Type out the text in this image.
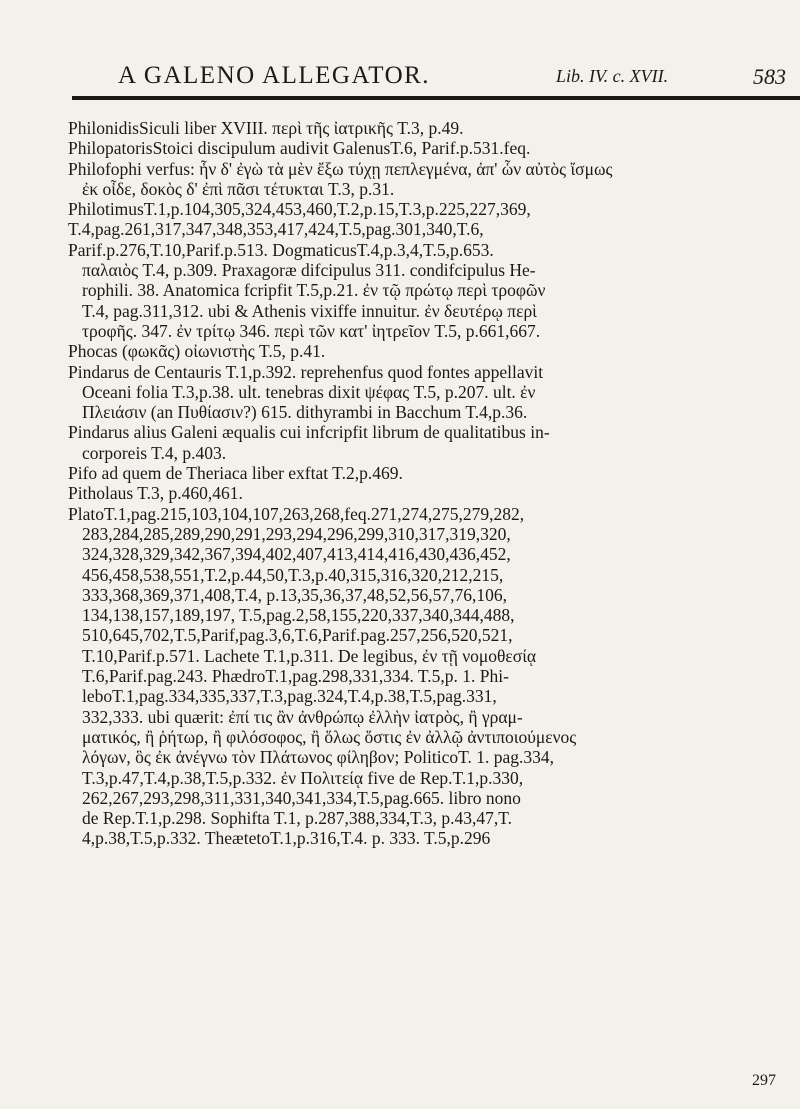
A GALENO ALLEGATOR.	Lib. IV. c. XVII.	583
PhilonidisSiculi liber XVIII. περὶ τῆς ἰατρικῆς T.3, p.49.
PhilopatorisStoici discipulum audivit GalenusT.6, Parif.p.531.feq.
Philofophi verfus: ἦν δ' ἐγὼ τὰ μὲν ἔξω τύχῃ πεπλεγμένα, ἀπ' ὧν αὐτὸς ἴσμως
ἐκ οἶδε, δοκὸς δ' ἐπὶ πᾶσι τέτυκται T.3, p.31.
PhilotimusT.1,p.104,305,324,453,460,T.2,p.15,T.3,p.225,227,369,
T.4,pag.261,317,347,348,353,417,424,T.5,pag.301,340,T.6,
Parif.p.276,T.10,Parif.p.513. DogmaticusT.4,p.3,4,T.5,p.653.
παλαιὸς T.4, p.309. Praxagoræ difcipulus 311. condifcipulus He-
rophili. 38. Anatomica fcripfit T.5,p.21. ἐν τῷ πρώτῳ περὶ τροφῶν
T.4, pag.311,312. ubi & Athenis vixiffe innuitur. ἐν δευτέρῳ περὶ
τροφῆς. 347. ἐν τρίτῳ 346. περὶ τῶν κατ' ἰητρεῖον T.5, p.661,667.
Phocas (φωκᾶς) οἰωνιστὴς T.5, p.41.
Pindarus de Centauris T.1,p.392. reprehenfus quod fontes appellavit
Oceani folia T.3,p.38. ult. tenebras dixit ψέφας T.5, p.207. ult. ἐν
Πλειάσιν (an Πυθίασιν?) 615. dithyrambi in Bacchum T.4,p.36.
Pindarus alius Galeni æqualis cui infcripfit librum de qualitatibus in-
corporeis T.4, p.403.
Pifo ad quem de Theriaca liber exftat T.2,p.469.
Pitholaus T.3, p.460,461.
PlatoT.1,pag.215,103,104,107,263,268,feq.271,274,275,279,282,
283,284,285,289,290,291,293,294,296,299,310,317,319,320,
324,328,329,342,367,394,402,407,413,414,416,430,436,452,
456,458,538,551,T.2,p.44,50,T.3,p.40,315,316,320,212,215,
333,368,369,371,408,T.4, p.13,35,36,37,48,52,56,57,76,106,
134,138,157,189,197, T.5,pag.2,58,155,220,337,340,344,488,
510,645,702,T.5,Parif,pag.3,6,T.6,Parif.pag.257,256,520,521,
T.10,Parif.p.571. Lachete T.1,p.311. De legibus, ἐν τῇ νομοθεσίᾳ
T.6,Parif.pag.243. PhædroT.1,pag.298,331,334. T.5,p. 1. Phi-
leboT.1,pag.334,335,337,T.3,pag.324,T.4,p.38,T.5,pag.331,
332,333. ubi quærit: ἐπί τις ἂν ἀνθρώπῳ ἐλλὴν ἰατρὸς, ἢ γραμ-
ματικός, ἢ ῥήτωρ, ἢ φιλόσοφος, ἢ ὅλως ὅστις ἐν ἀλλῷ ἀντιποιούμενος
λόγων, ὃς ἐκ ἀνέγνω τὸν Πλάτωνος φίληβον; PoliticoT. 1. pag.334,
T.3,p.47,T.4,p.38,T.5,p.332. ἐν Πολιτείᾳ five de Rep.T.1,p.330,
262,267,293,298,311,331,340,341,334,T.5,pag.665. libro nono
de Rep.T.1,p.298. Sophifta T.1, p.287,388,334,T.3, p.43,47,T.
4,p.38,T.5,p.332. TheætetoT.1,p.316,T.4. p. 333. T.5,p.296
297
